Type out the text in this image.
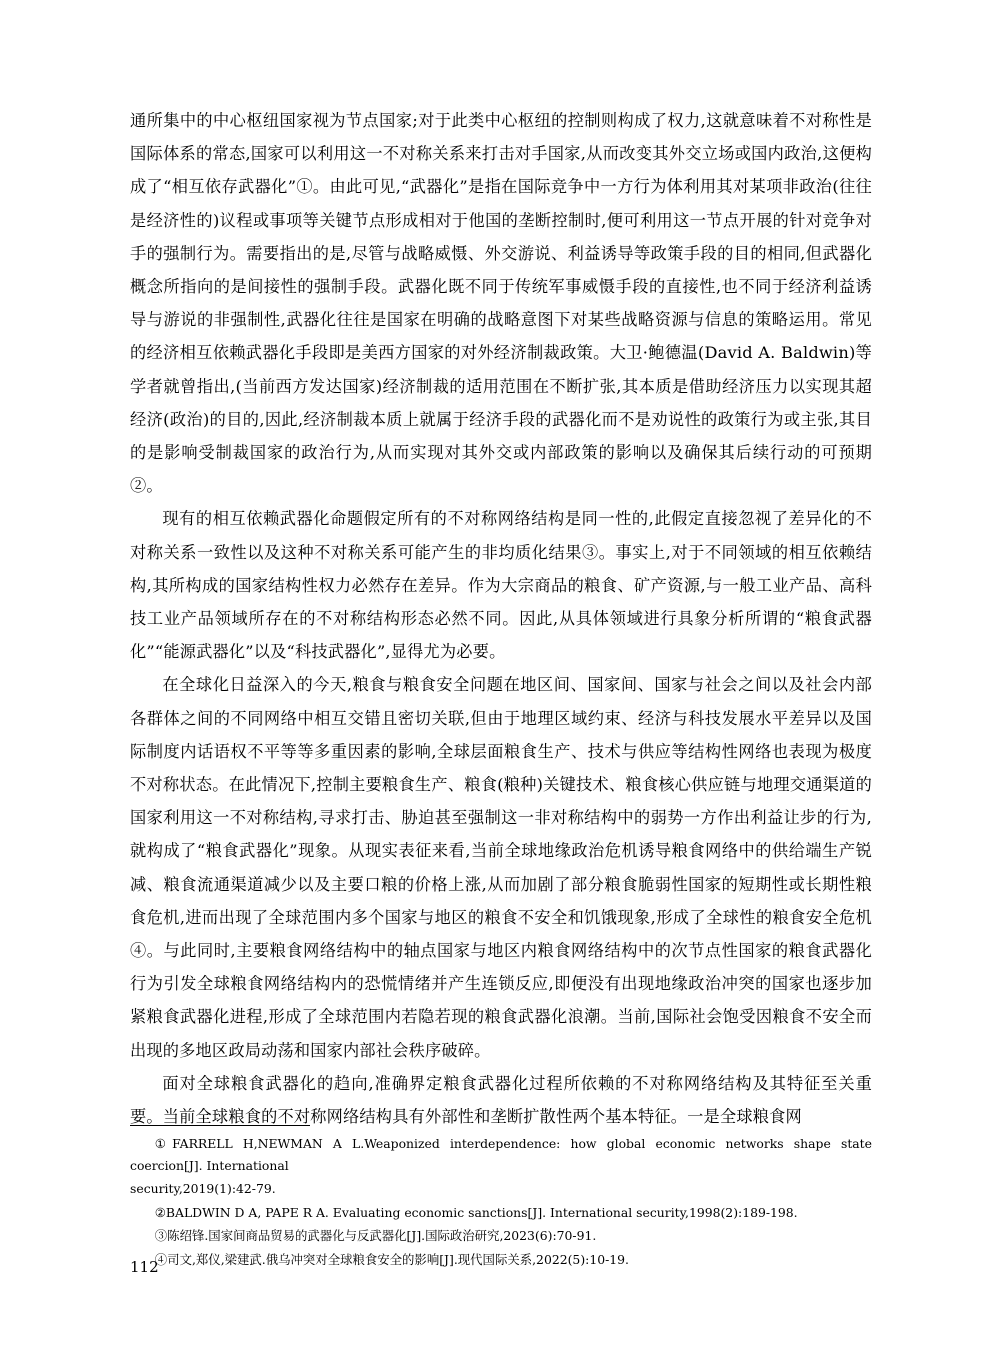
通所集中的中心枢纽国家视为节点国家;对于此类中心枢纽的控制则构成了权力,这就意味着不对称性是国际体系的常态,国家可以利用这一不对称关系来打击对手国家,从而改变其外交立场或国内政治,这便构成了“相互依存武器化”①。由此可见,“武器化”是指在国际竞争中一方行为体利用其对某项非政治(往往是经济性的)议程或事项等关键节点形成相对于他国的垄断控制时,便可利用这一节点开展的针对竞争对手的强制行为。需要指出的是,尽管与战略威慑、外交游说、利益诱导等政策手段的目的相同,但武器化概念所指向的是间接性的强制手段。武器化既不同于传统军事威慑手段的直接性,也不同于经济利益诱导与游说的非强制性,武器化往往是国家在明确的战略意图下对某些战略资源与信息的策略运用。常见的经济相互依赖武器化手段即是美西方国家的对外经济制裁政策。大卫·鲍德温(David A. Baldwin)等学者就曾指出,(当前西方发达国家)经济制裁的适用范围在不断扩张,其本质是借助经济压力以实现其超经济(政治)的目的,因此,经济制裁本质上就属于经济手段的武器化而不是劝说性的政策行为或主张,其目的是影响受制裁国家的政治行为,从而实现对其外交或内部政策的影响以及确保其后续行动的可预期②。

现有的相互依赖武器化命题假定所有的不对称网络结构是同一性的,此假定直接忽视了差异化的不对称关系一致性以及这种不对称关系可能产生的非均质化结果③。事实上,对于不同领域的相互依赖结构,其所构成的国家结构性权力必然存在差异。作为大宗商品的粮食、矿产资源,与一般工业产品、高科技工业产品领域所存在的不对称结构形态必然不同。因此,从具体领域进行具象分析所谓的“粮食武器化”“能源武器化”以及“科技武器化”,显得尤为必要。

在全球化日益深入的今天,粮食与粮食安全问题在地区间、国家间、国家与社会之间以及社会内部各群体之间的不同网络中相互交错且密切关联,但由于地理区域约束、经济与科技发展水平差异以及国际制度内话语权不平等等多重因素的影响,全球层面粮食生产、技术与供应等结构性网络也表现为极度不对称状态。在此情况下,控制主要粮食生产、粮食(粮种)关键技术、粮食核心供应链与地理交通渠道的国家利用这一不对称结构,寻求打击、胁迫甚至强制这一非对称结构中的弱势一方作出利益让步的行为,就构成了“粮食武器化”现象。从现实表征来看,当前全球地缘政治危机诱导粮食网络中的供给端生产锐减、粮食流通渠道减少以及主要口粮的价格上涨,从而加剧了部分粮食脆弱性国家的短期性或长期性粮食危机,进而出现了全球范围内多个国家与地区的粮食不安全和饥饿现象,形成了全球性的粮食安全危机④。与此同时,主要粮食网络结构中的轴点国家与地区内粮食网络结构中的次节点性国家的粮食武器化行为引发全球粮食网络结构内的恐慌情绪并产生连锁反应,即便没有出现地缘政治冲突的国家也逐步加紧粮食武器化进程,形成了全球范围内若隐若现的粮食武器化浪潮。当前,国际社会饱受因粮食不安全而出现的多地区政局动荡和国家内部社会秩序破碎。

面对全球粮食武器化的趋向,准确界定粮食武器化过程所依赖的不对称网络结构及其特征至关重要。当前全球粮食的不对称网络结构具有外部性和垄断扩散性两个基本特征。一是全球粮食网

①FARRELL H,NEWMAN A L.Weaponized interdependence: how global economic networks shape state coercion[J]. International

security,2019(1):42-79.

②BALDWIN D A, PAPE R A. Evaluating economic sanctions[J]. International security,1998(2):189-198.

③陈绍锋.国家间商品贸易的武器化与反武器化[J].国际政治研究,2023(6):70-91.

④司文,郑仪,梁建武.俄乌冲突对全球粮食安全的影响[J].现代国际关系,2022(5):10-19.

112
